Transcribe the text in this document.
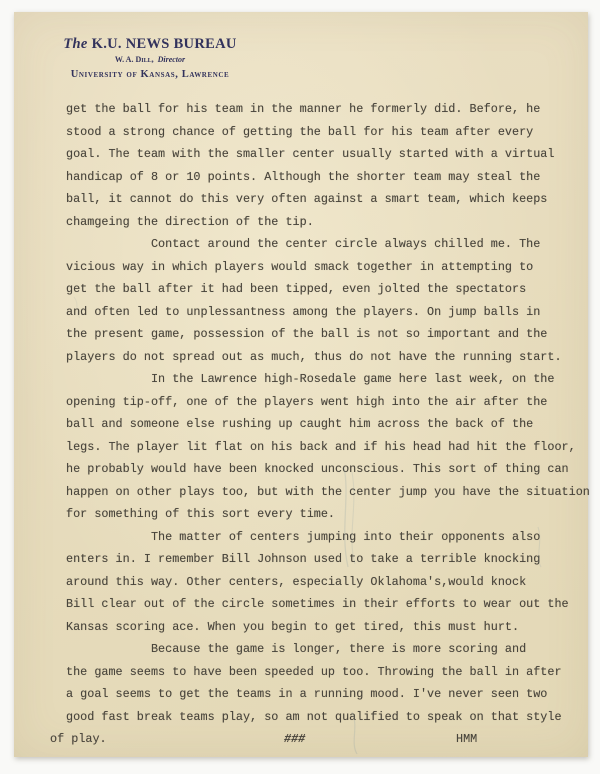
The K.U. NEWS BUREAU
W. A. Dill, Director
University of Kansas, Lawrence
get the ball for his team in the manner he formerly did. Before, he
stood a strong chance of getting the ball for his team after every
goal. The team with the smaller center usually started with a virtual
handicap of 8 or 10 points. Although the shorter team may steal the
ball, it cannot do this very often against a smart team, which keeps
chamgeing the direction of the tip.
Contact around the center circle always chilled me. The
vicious way in which players would smack together in attempting to
get the ball after it had been tipped, even jolted the spectators
and often led to unplessantness among the players. On jump balls in
the present game, possession of the ball is not so important and the
players do not spread out as much, thus do not have the running start.
In the Lawrence high-Rosedale game here last week, on the
opening tip-off, one of the players went high into the air after the
ball and someone else rushing up caught him across the back of the
legs. The player lit flat on his back and if his head had hit the floor,
he probably would have been knocked unconscious. This sort of thing can
happen on other plays too, but with the center jump you have the situation
for something of this sort every time.
The matter of centers jumping into their opponents also
enters in. I remember Bill Johnson used to take a terrible knocking
around this way. Other centers, especially Oklahoma's,would knock
Bill clear out of the circle sometimes in their efforts to wear out the
Kansas scoring ace. When you begin to get tired, this must hurt.
Because the game is longer, there is more scoring and
the game seems to have been speeded up too. Throwing the ball in after
a goal seems to get the teams in a running mood. I've never seen two
good fast break teams play, so am not qualified to speak on that style
of play.	###	HMM
